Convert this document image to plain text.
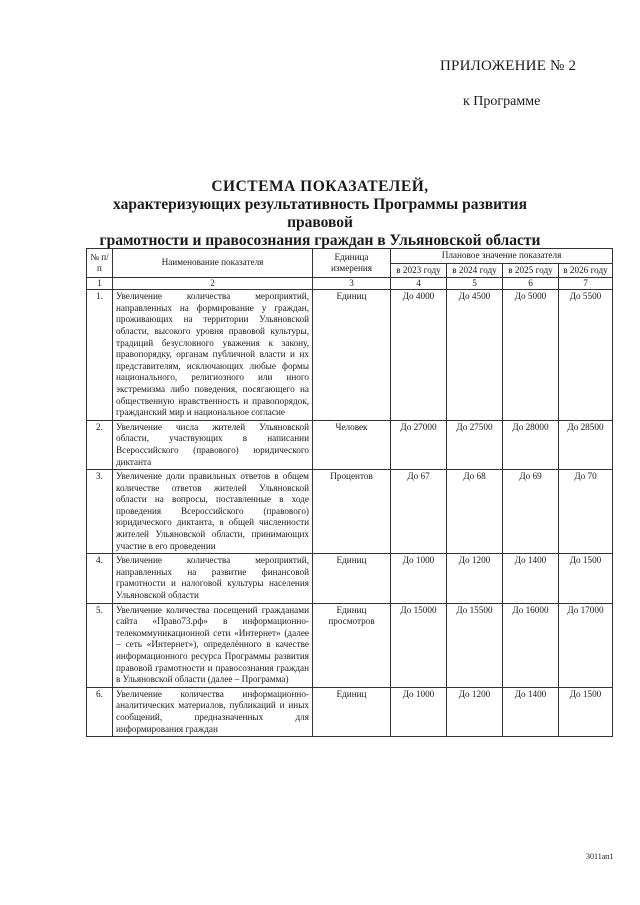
ПРИЛОЖЕНИЕ № 2
к Программе
СИСТЕМА ПОКАЗАТЕЛЕЙ,
характеризующих результативность Программы развития правовой
грамотности и правосознания граждан в Ульяновской области
№ п/п	Наименование показателя	Единица измерения	Плановое значение показателя			
			в 2023 году	в 2024 году	в 2025 году	в 2026 году
1	2	3	4	5	6	7
1.	Увеличение количества мероприятий, направленных на формирование у граждан, проживающих на территории Ульяновской области, высокого уровня правовой культуры, традиций безусловного уважения к закону, правопорядку, органам публичной власти и их представителям, исключающих любые формы национального, религиозного или иного экстремизма либо поведения, посягающего на общественную нравственность и правопорядок, гражданский мир и национальное согласие	Единиц	До 4000	До 4500	До 5000	До 5500
2.	Увеличение числа жителей Ульяновской области, участвующих в написании Всероссийского (правового) юридического диктанта	Человек	До 27000	До 27500	До 28000	До 28500
3.	Увеличение доли правильных ответов в общем количестве ответов жителей Ульяновской области на вопросы, поставленные в ходе проведения Всероссийского (правового) юридического диктанта, в общей численности жителей Ульяновской области, принимающих участие в его проведении	Процентов	До 67	До 68	До 69	До 70
4.	Увеличение количества мероприятий, направленных на развитие финансовой грамотности и налоговой культуры населения Ульяновской области	Единиц	До 1000	До 1200	До 1400	До 1500
5.	Увеличение количества посещений гражданами сайта «Право73.рф» в информационно-телекоммуникационной сети «Интернет» (далее – сеть «Интернет»), определённого в качестве информационного ресурса Программы развития правовой грамотности и правосознания граждан в Ульяновской области (далее – Программа)	Единиц просмотров	До 15000	До 15500	До 16000	До 17000
6.	Увеличение количества информационно-аналитических материалов, публикаций и иных сообщений, предназначенных для информирования граждан	Единиц	До 1000	До 1200	До 1400	До 1500
3011ап1
